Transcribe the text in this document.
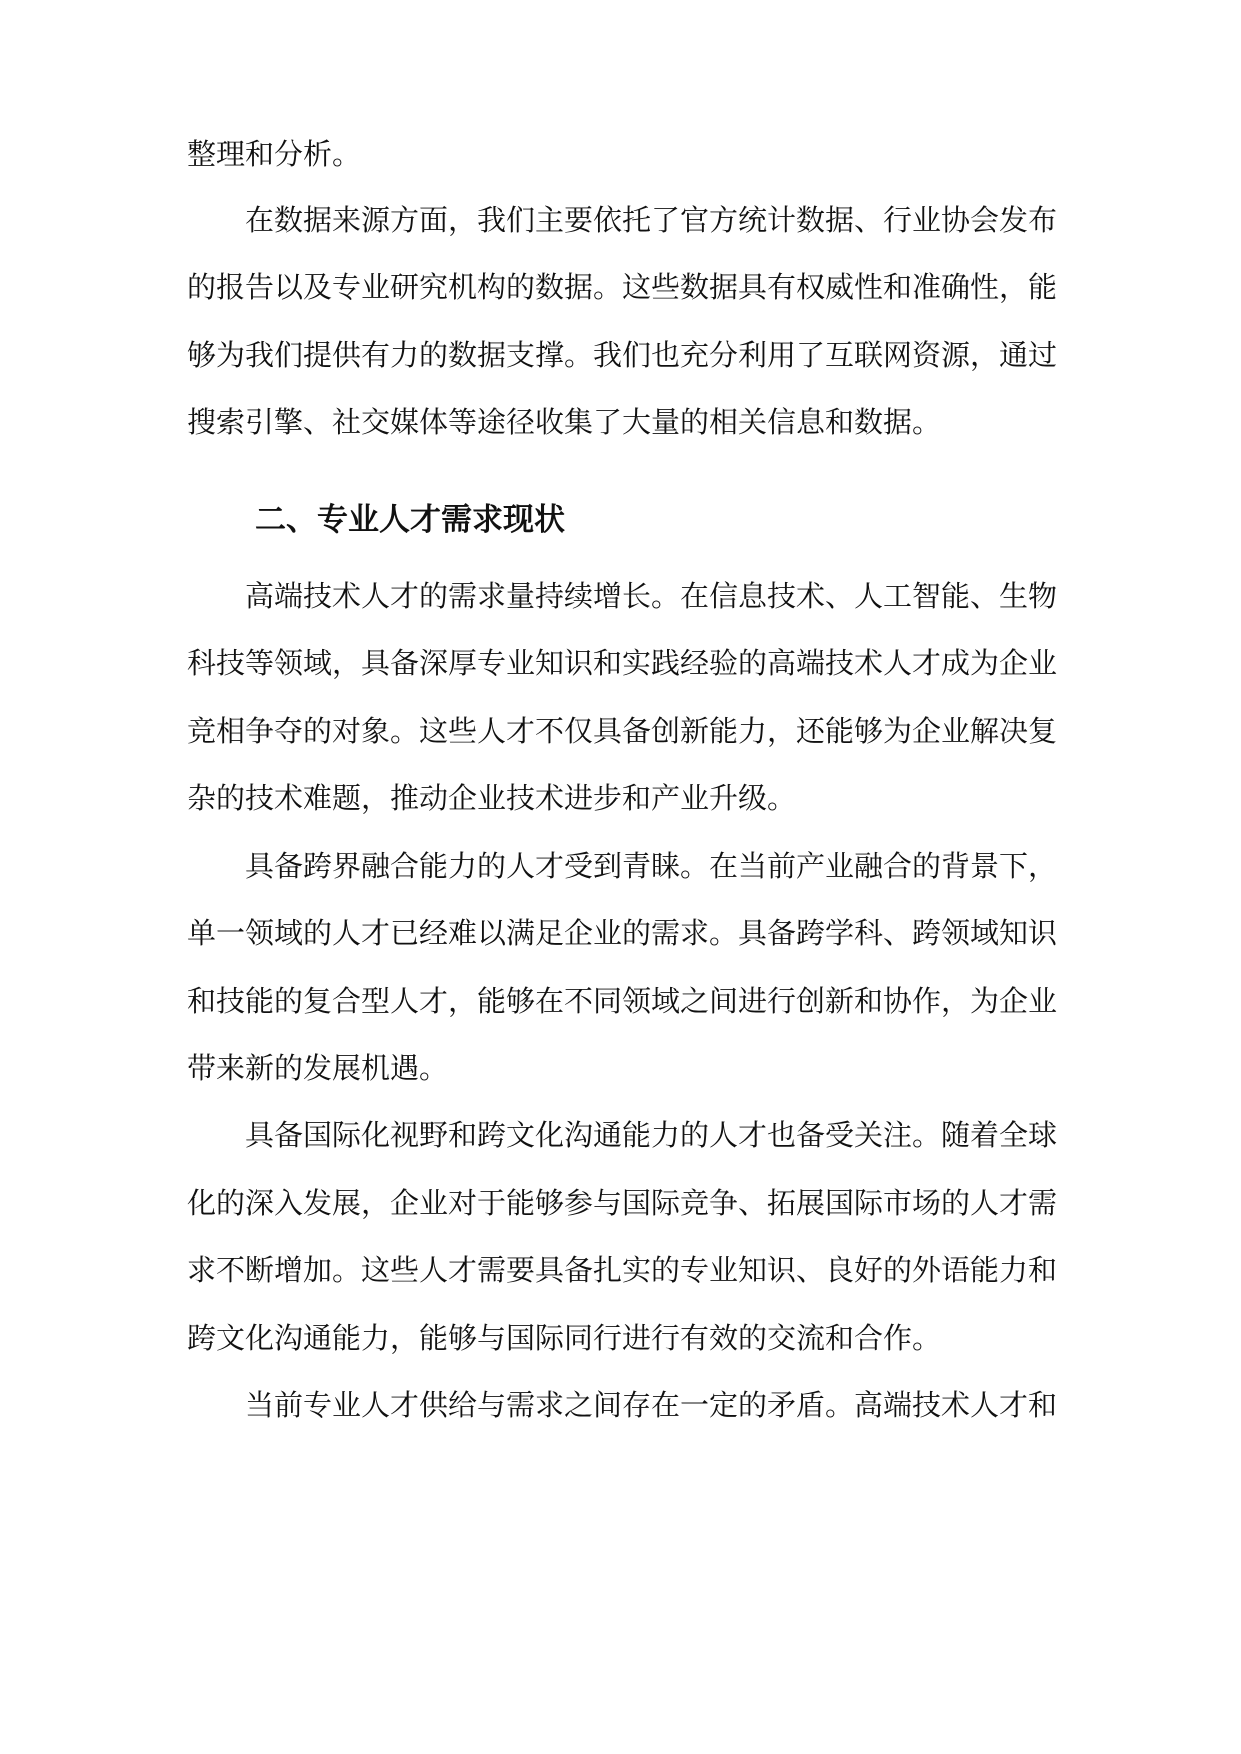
整理和分析。
在数据来源方面，我们主要依托了官方统计数据、行业协会发布
的报告以及专业研究机构的数据。这些数据具有权威性和准确性，能
够为我们提供有力的数据支撑。我们也充分利用了互联网资源，通过
搜索引擎、社交媒体等途径收集了大量的相关信息和数据。
高端技术人才的需求量持续增长。在信息技术、人工智能、生物
科技等领域，具备深厚专业知识和实践经验的高端技术人才成为企业
竞相争夺的对象。这些人才不仅具备创新能力，还能够为企业解决复
杂的技术难题，推动企业技术进步和产业升级。
具备跨界融合能力的人才受到青睐。在当前产业融合的背景下，
单一领域的人才已经难以满足企业的需求。具备跨学科、跨领域知识
和技能的复合型人才，能够在不同领域之间进行创新和协作，为企业
带来新的发展机遇。
具备国际化视野和跨文化沟通能力的人才也备受关注。随着全球
化的深入发展，企业对于能够参与国际竞争、拓展国际市场的人才需
求不断增加。这些人才需要具备扎实的专业知识、良好的外语能力和
跨文化沟通能力，能够与国际同行进行有效的交流和合作。
当前专业人才供给与需求之间存在一定的矛盾。高端技术人才和
二、专业人才需求现状
